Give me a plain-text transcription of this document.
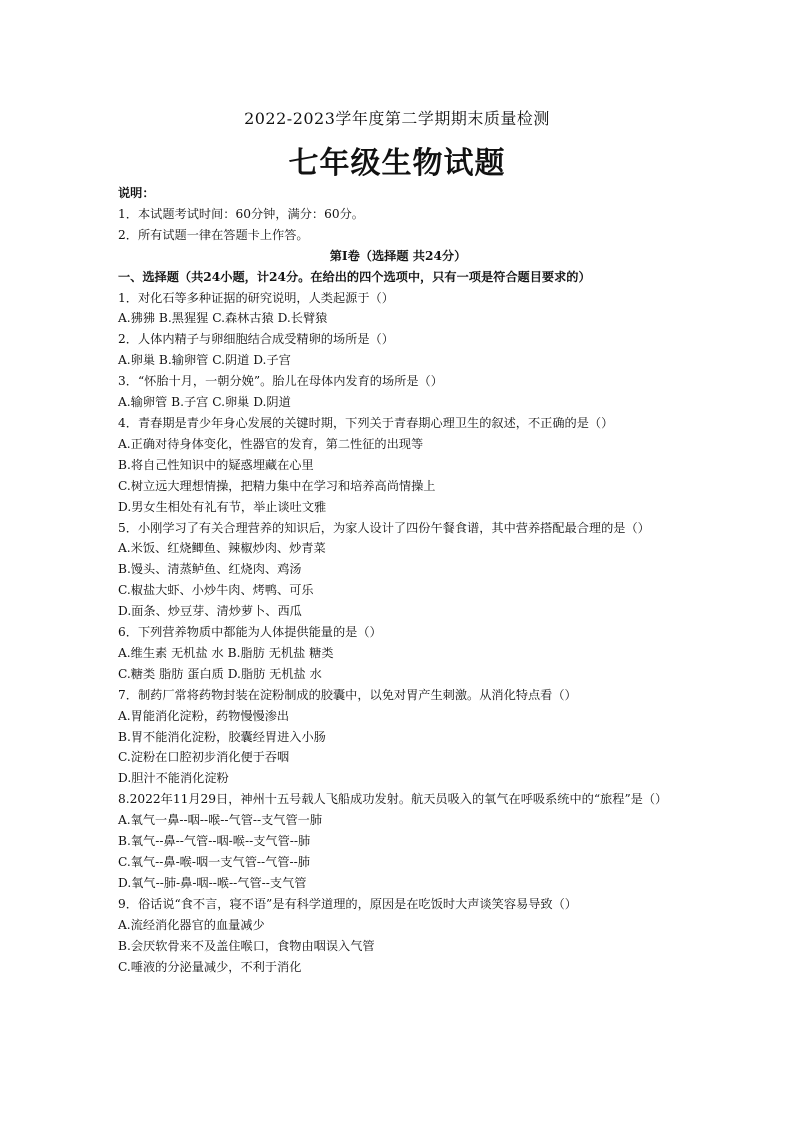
2022-2023学年度第二学期期末质量检测
七年级生物试题
说明：
1．本试题考试时间：60分钟，满分：60分。
2．所有试题一律在答题卡上作答。
第Ⅰ卷（选择题 共24分）
一、选择题（共24小题，计24分。在给出的四个选项中，只有一项是符合题目要求的）
1．对化石等多种证据的研究说明，人类起源于（）
A.狒狒 B.黑猩猩 C.森林古猿 D.长臂猿
2．人体内精子与卵细胞结合成受精卵的场所是（）
A.卵巢 B.输卵管 C.阴道 D.子宫
3．“怀胎十月，一朝分娩”。胎儿在母体内发育的场所是（）
A.输卵管 B.子宫 C.卵巢 D.阴道
4．青春期是青少年身心发展的关键时期，下列关于青春期心理卫生的叙述，不正确的是（）
A.正确对待身体变化，性器官的发育，第二性征的出现等
B.将自己性知识中的疑惑埋藏在心里
C.树立远大理想情操，把精力集中在学习和培养高尚情操上
D.男女生相处有礼有节，举止谈吐文雅
5．小刚学习了有关合理营养的知识后，为家人设计了四份午餐食谱，其中营养搭配最合理的是（）
A.米饭、红烧鲫鱼、辣椒炒肉、炒青菜
B.馒头、清蒸鲈鱼、红烧肉、鸡汤
C.椒盐大虾、小炒牛肉、烤鸭、可乐
D.面条、炒豆芽、清炒萝卜、西瓜
6．下列营养物质中都能为人体提供能量的是（）
A.维生素 无机盐 水 B.脂肪 无机盐 糖类
C.糖类 脂肪 蛋白质 D.脂肪 无机盐 水
7．制药厂常将药物封装在淀粉制成的胶囊中，以免对胃产生刺激。从消化特点看（）
A.胃能消化淀粉，药物慢慢渗出
B.胃不能消化淀粉，胶囊经胃进入小肠
C.淀粉在口腔初步消化便于吞咽
D.胆汁不能消化淀粉
8.2022年11月29日，神州十五号载人飞船成功发射。航天员吸入的氧气在呼吸系统中的“旅程”是（）
A.氧气一鼻--咽--喉--气管--支气管一肺
B.氧气--鼻--气管--咽-喉--支气管--肺
C.氧气--鼻-喉-咽一支气管--气管--肺
D.氧气--肺-鼻-咽--喉--气管--支气管
9．俗话说“食不言，寝不语”是有科学道理的，原因是在吃饭时大声谈笑容易导致（）
A.流经消化器官的血量减少
B.会厌软骨来不及盖住喉口，食物由咽误入气管
C.唾液的分泌量减少，不利于消化
